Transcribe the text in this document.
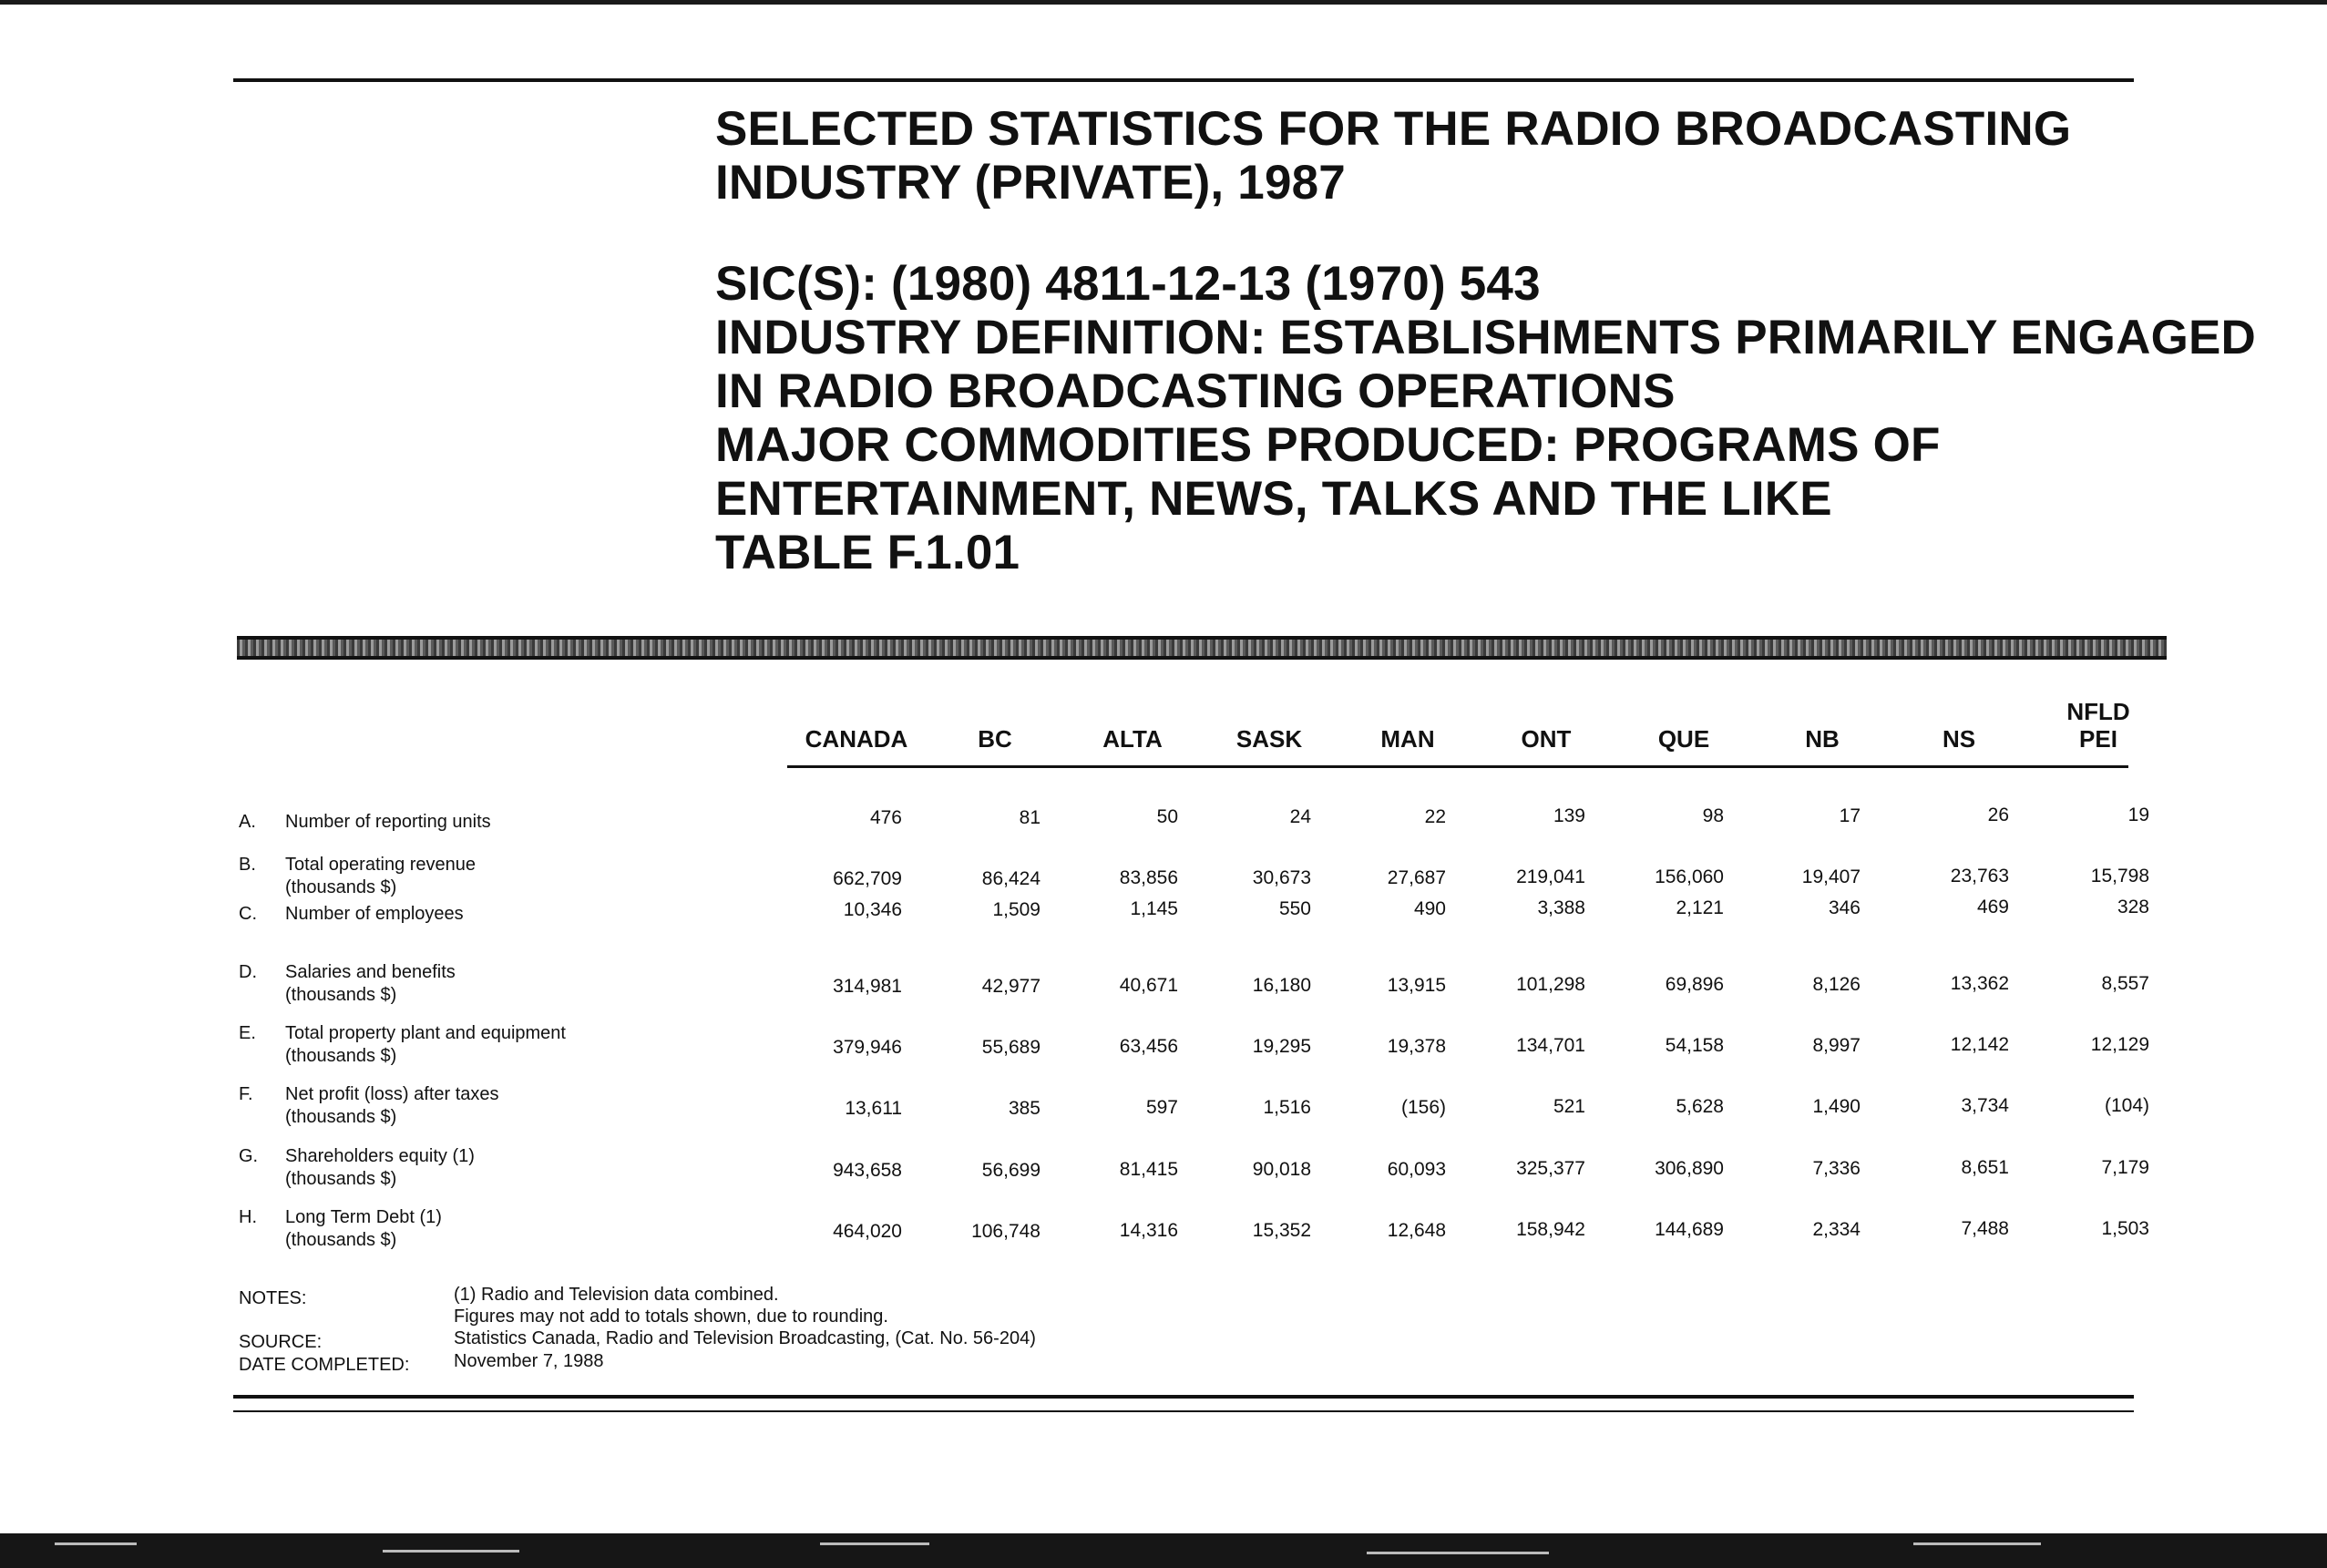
SELECTED STATISTICS FOR THE RADIO BROADCASTING
INDUSTRY (PRIVATE), 1987
SIC(S): (1980) 4811-12-13 (1970) 543
INDUSTRY DEFINITION: ESTABLISHMENTS PRIMARILY ENGAGED
IN RADIO BROADCASTING OPERATIONS
MAJOR COMMODITIES PRODUCED: PROGRAMS OF
ENTERTAINMENT, NEWS, TALKS AND THE LIKE
TABLE F.1.01
CANADA	BC	ALTA	SASK	MAN	ONT	QUE	NB	NS
NFLD
PEI
A. Number of reporting units	476	81	50	24	22	139	98	17	26	19
B. Total operating revenue
(thousands $)	662,709	86,424	83,856	30,673	27,687	219,041	156,060	19,407	23,763	15,798
C. Number of employees	10,346	1,509	1,145	550	490	3,388	2,121	346	469	328
D. Salaries and benefits
(thousands $)	314,981	42,977	40,671	16,180	13,915	101,298	69,896	8,126	13,362	8,557
E. Total property plant and equipment
(thousands $)	379,946	55,689	63,456	19,295	19,378	134,701	54,158	8,997	12,142	12,129
F. Net profit (loss) after taxes
(thousands $)	13,611	385	597	1,516	(156)	521	5,628	1,490	3,734	(104)
G. Shareholders equity (1)
(thousands $)	943,658	56,699	81,415	90,018	60,093	325,377	306,890	7,336	8,651	7,179
H. Long Term Debt (1)
(thousands $)	464,020	106,748	14,316	15,352	12,648	158,942	144,689	2,334	7,488	1,503
NOTES:	(1) Radio and Television data combined.
Figures may not add to totals shown, due to rounding.
SOURCE:	Statistics Canada, Radio and Television Broadcasting, (Cat. No. 56-204)
DATE COMPLETED: November 7, 1988
